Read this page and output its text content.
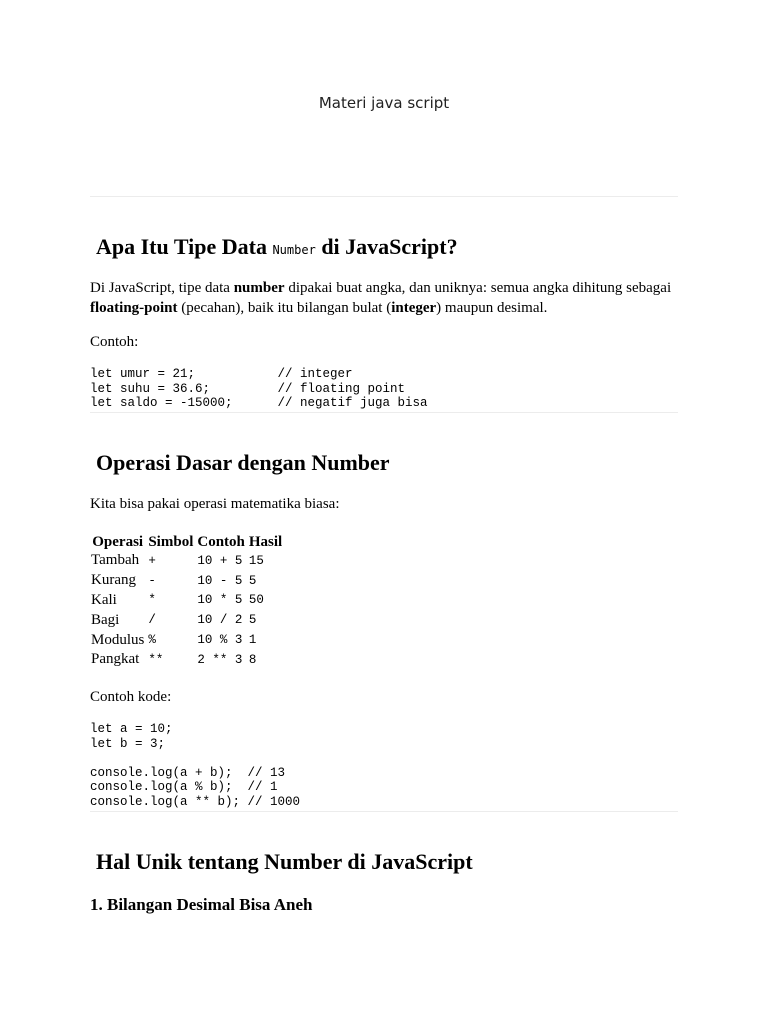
Materi java script
Apa Itu Tipe Data Number di JavaScript?

Di JavaScript, tipe data number dipakai buat angka, dan uniknya: semua angka dihitung sebagai floating-point (pecahan), baik itu bilangan bulat (integer) maupun desimal.

Contoh:

let umur = 21;           // integer
let suhu = 36.6;         // floating point
let saldo = -15000;      // negatif juga bisa
Operasi Dasar dengan Number

Kita bisa pakai operasi matematika biasa:

Operasi	Simbol	Contoh	Hasil
Tambah	+	10 + 5	15
Kurang	-	10 - 5	5
Kali	*	10 * 5	50
Bagi	/	10 / 2	5
Modulus	%	10 % 3	1
Pangkat	**	2 ** 3	8

Contoh kode:

let a = 10;
let b = 3;

console.log(a + b);  // 13
console.log(a % b);  // 1
console.log(a ** b); // 1000
Hal Unik tentang Number di JavaScript
1. Bilangan Desimal Bisa Aneh
